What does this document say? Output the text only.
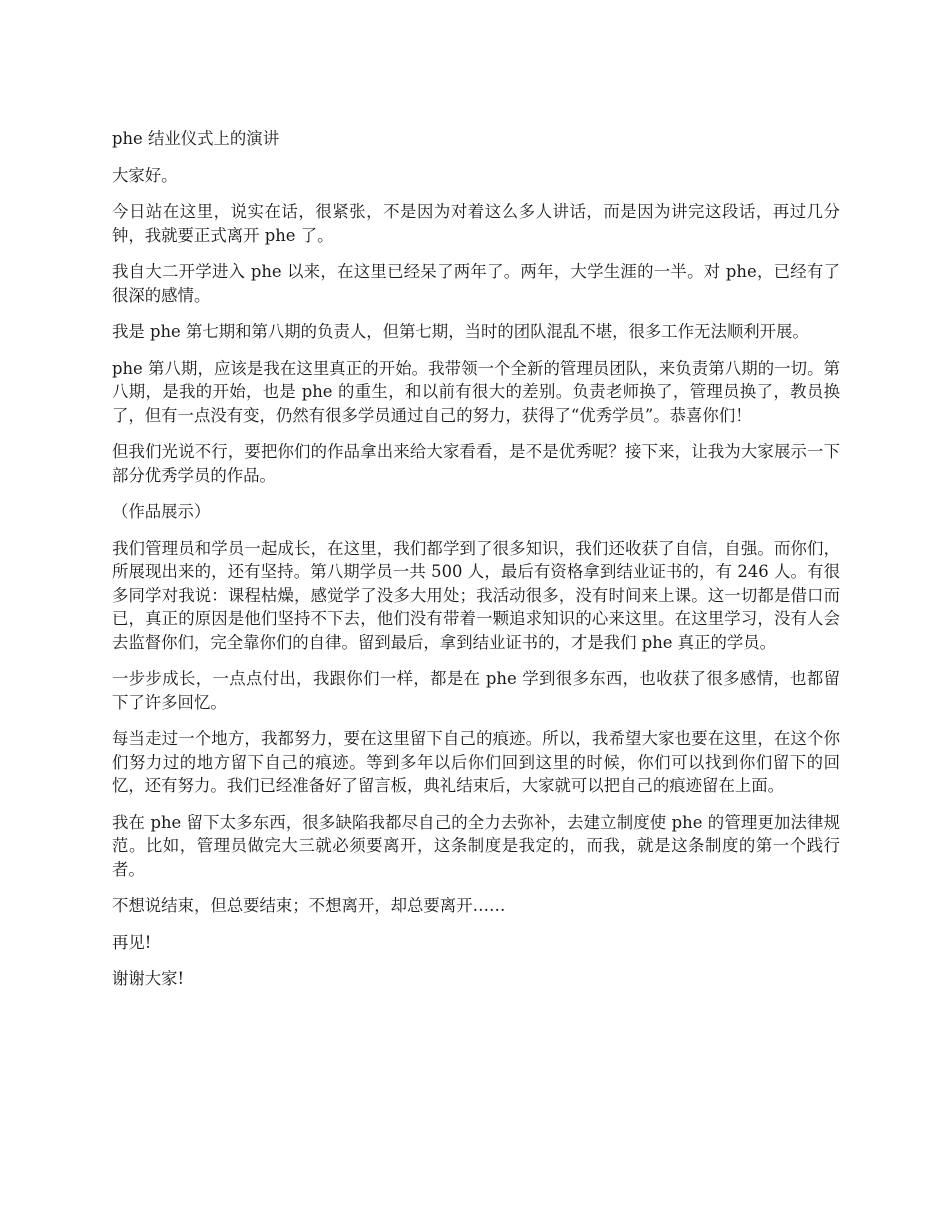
phe 结业仪式上的演讲

大家好。

今日站在这里，说实在话，很紧张，不是因为对着这么多人讲话，而是因为讲完这段话，再过几分钟，我就要正式离开 phe 了。

我自大二开学进入 phe 以来，在这里已经呆了两年了。两年，大学生涯的一半。对 phe，已经有了很深的感情。

我是 phe 第七期和第八期的负责人，但第七期，当时的团队混乱不堪，很多工作无法顺利开展。

phe 第八期，应该是我在这里真正的开始。我带领一个全新的管理员团队，来负责第八期的一切。第八期，是我的开始，也是 phe 的重生，和以前有很大的差别。负责老师换了，管理员换了，教员换了，但有一点没有变，仍然有很多学员通过自己的努力，获得了“优秀学员”。恭喜你们！

但我们光说不行，要把你们的作品拿出来给大家看看，是不是优秀呢？接下来，让我为大家展示一下部分优秀学员的作品。

（作品展示）

我们管理员和学员一起成长，在这里，我们都学到了很多知识，我们还收获了自信，自强。而你们，所展现出来的，还有坚持。第八期学员一共 500 人，最后有资格拿到结业证书的，有 246 人。有很多同学对我说：课程枯燥，感觉学了没多大用处；我活动很多，没有时间来上课。这一切都是借口而已，真正的原因是他们坚持不下去，他们没有带着一颗追求知识的心来这里。在这里学习，没有人会去监督你们，完全靠你们的自律。留到最后，拿到结业证书的，才是我们 phe 真正的学员。

一步步成长，一点点付出，我跟你们一样，都是在 phe 学到很多东西，也收获了很多感情，也都留下了许多回忆。

每当走过一个地方，我都努力，要在这里留下自己的痕迹。所以，我希望大家也要在这里，在这个你们努力过的地方留下自己的痕迹。等到多年以后你们回到这里的时候，你们可以找到你们留下的回忆，还有努力。我们已经准备好了留言板，典礼结束后，大家就可以把自己的痕迹留在上面。

我在 phe 留下太多东西，很多缺陷我都尽自己的全力去弥补，去建立制度使 phe 的管理更加法律规范。比如，管理员做完大三就必须要离开，这条制度是我定的，而我，就是这条制度的第一个践行者。

不想说结束，但总要结束；不想离开，却总要离开……

再见!

谢谢大家!
